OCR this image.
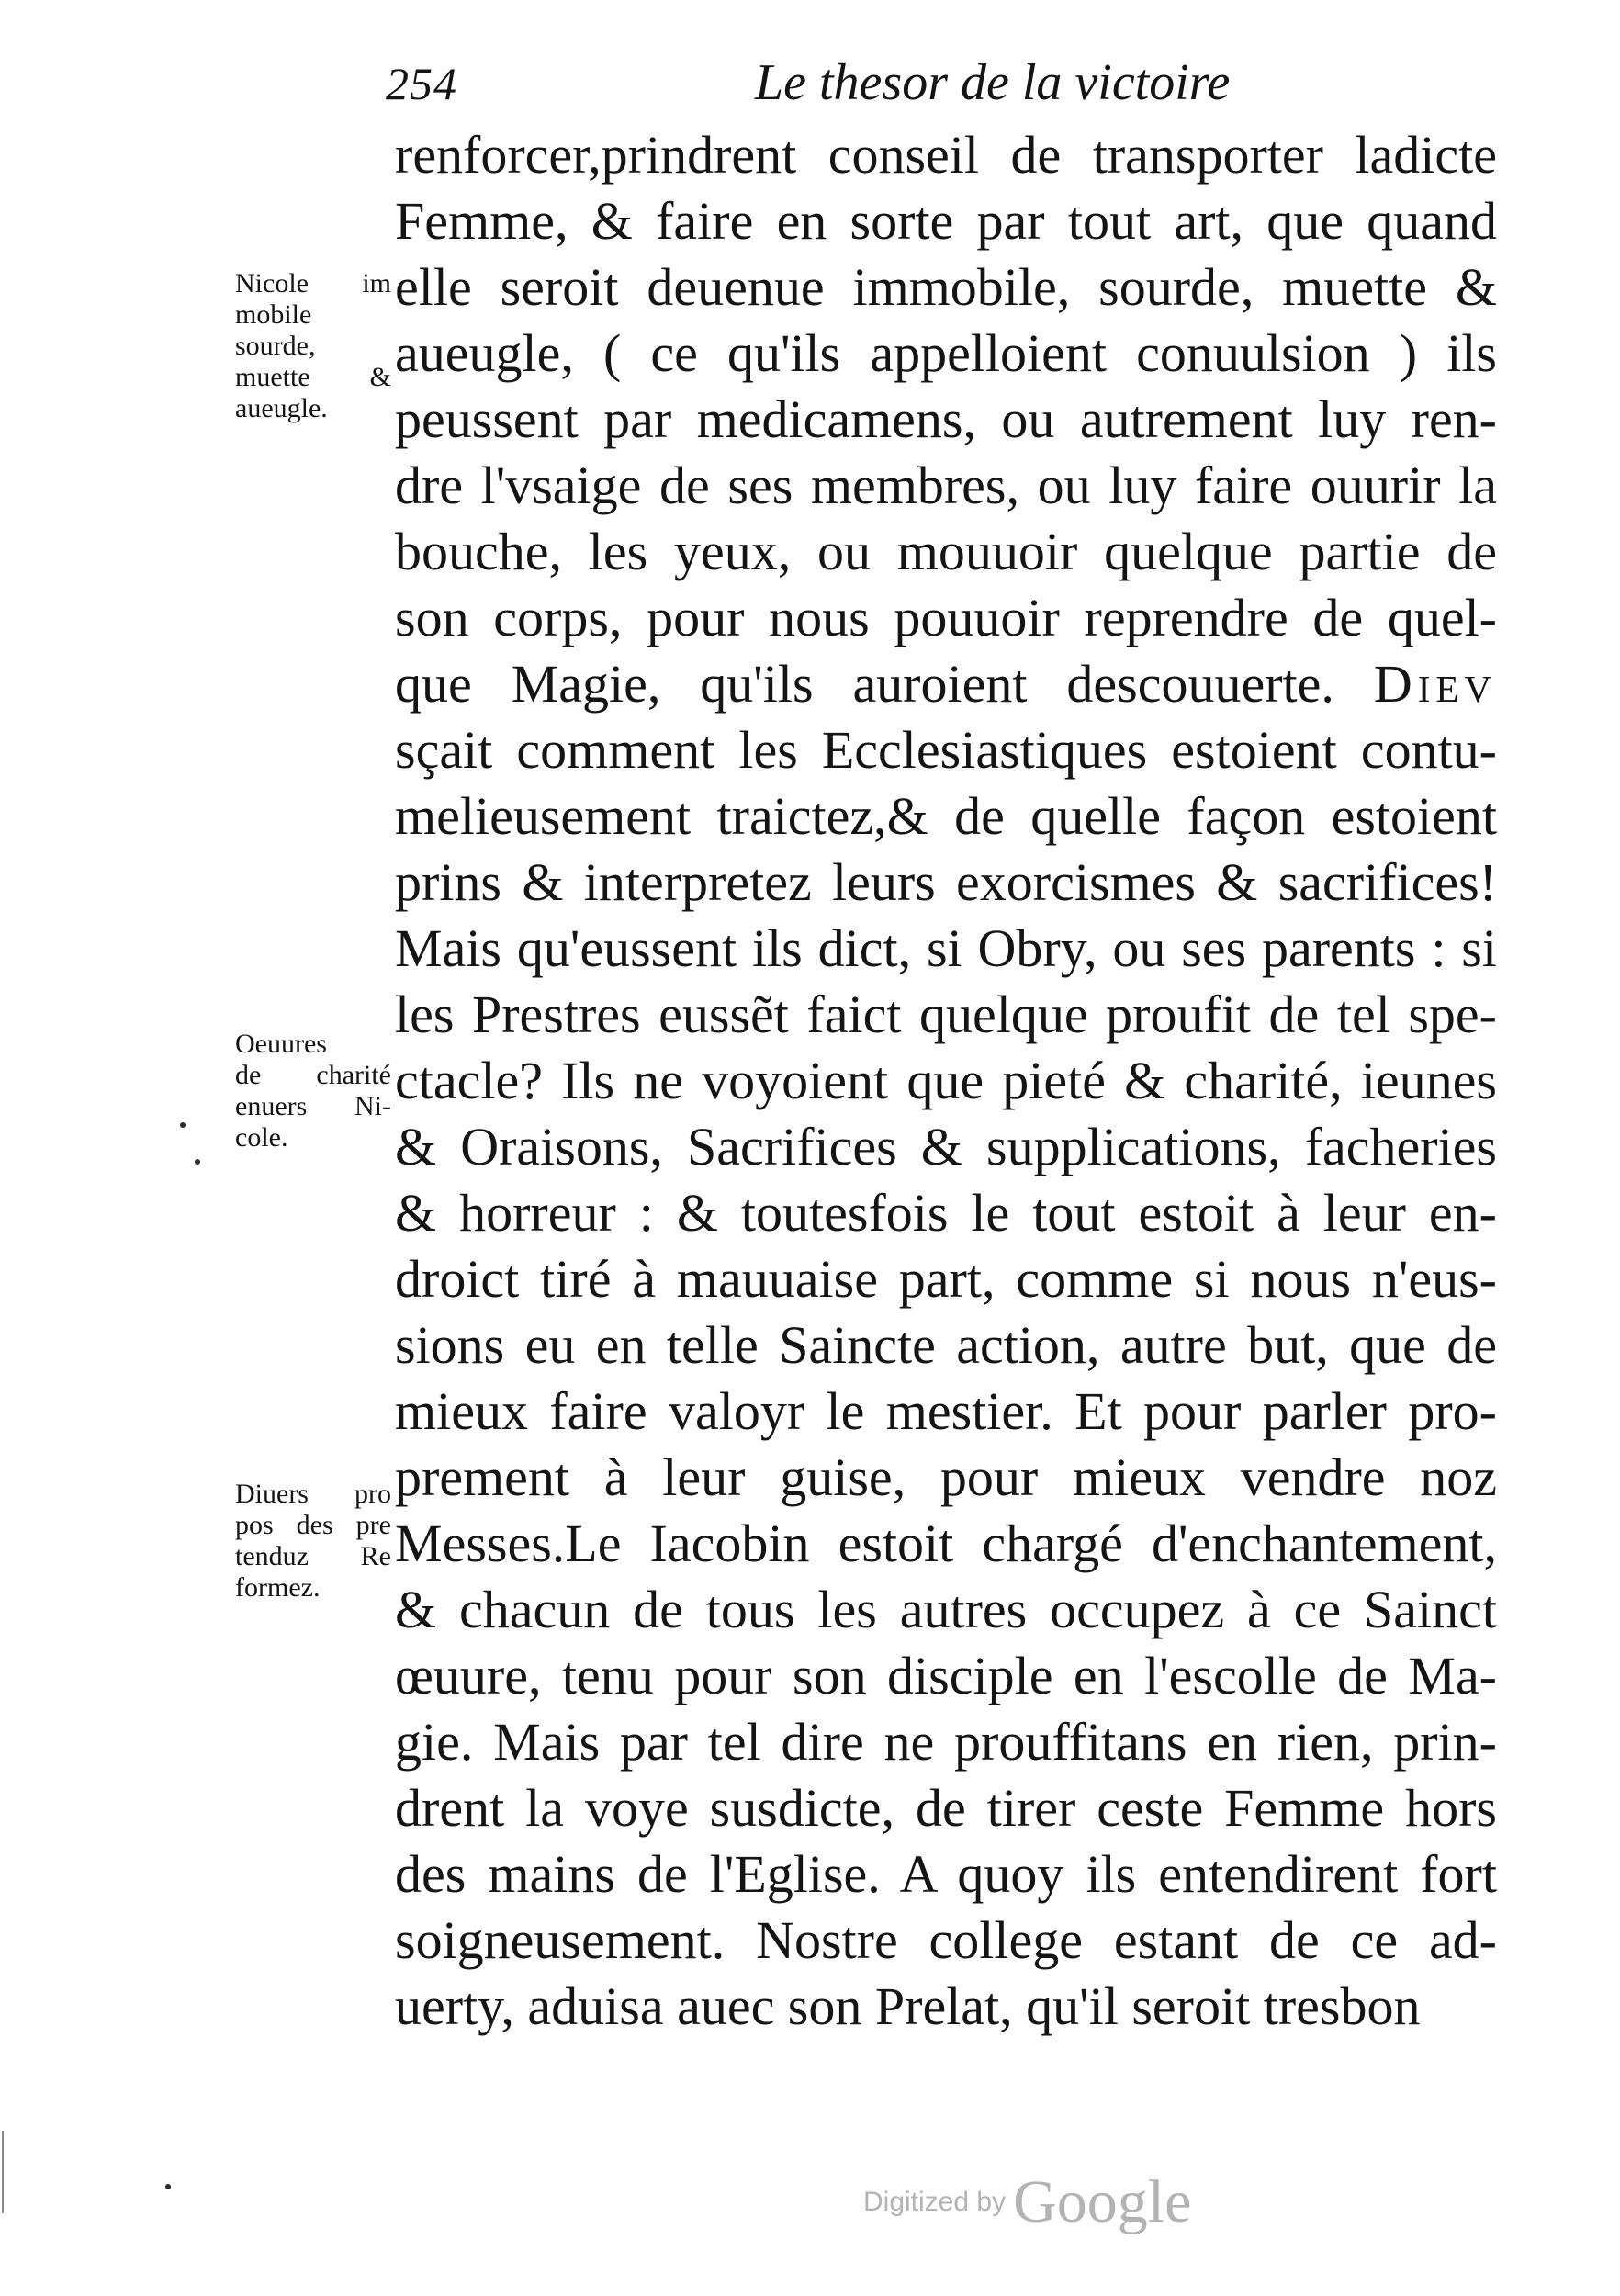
254	Le thesor de la victoire
renforcer,prindrent conseil de transporter ladicte
Femme, & faire en sorte par tout art, que quand
elle seroit deuenue immobile, sourde, muette &
aueugle, ( ce qu'ils appelloient conuulsion ) ils
peussent par medicamens, ou autrement luy ren-
dre l'vsaige de ses membres, ou luy faire ouurir la
bouche, les yeux, ou mouuoir quelque partie de
son corps, pour nous pouuoir reprendre de quel-
que Magie, qu'ils auroient descouuerte. Diev
sçait comment les Ecclesiastiques estoient contu-
melieusement traictez,& de quelle façon estoient
prins & interpretez leurs exorcismes & sacrifices!
Mais qu'eussent ils dict, si Obry, ou ses parents : si
les Prestres eussẽt faict quelque proufit de tel spe-
ctacle? Ils ne voyoient que pieté & charité, ieunes
& Oraisons, Sacrifices & supplications, facheries
& horreur : & toutesfois le tout estoit à leur en-
droict tiré à mauuaise part, comme si nous n'eus-
sions eu en telle Saincte action, autre but, que de
mieux faire valoyr le mestier. Et pour parler pro-
prement à leur guise, pour mieux vendre noz
Messes.Le Iacobin estoit chargé d'enchantement,
& chacun de tous les autres occupez à ce Sainct
œuure, tenu pour son disciple en l'escolle de Ma-
gie. Mais par tel dire ne prouffitans en rien, prin-
drent la voye susdicte, de tirer ceste Femme hors
des mains de l'Eglise. A quoy ils entendirent fort
soigneusement. Nostre college estant de ce ad-
uerty, aduisa auec son Prelat, qu'il seroit tresbon
Nicole im
mobile
sourde,
muette &
aueugle.
Oeuures
de charité
enuers Ni-
cole.
Diuers pro
pos des pre
tenduz Re
formez.
Digitized by Google
